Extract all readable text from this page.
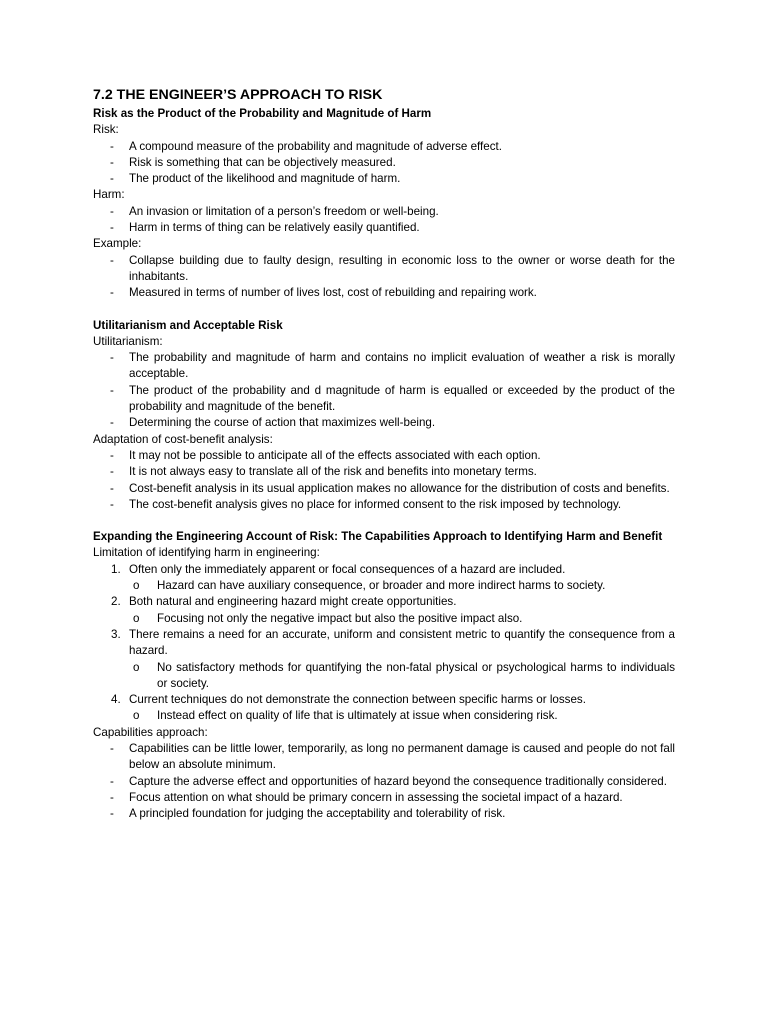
7.2 THE ENGINEER’S APPROACH TO RISK
Risk as the Product of the Probability and Magnitude of Harm
Risk:
- A compound measure of the probability and magnitude of adverse effect.
- Risk is something that can be objectively measured.
- The product of the likelihood and magnitude of harm.
Harm:
- An invasion or limitation of a person’s freedom or well-being.
- Harm in terms of thing can be relatively easily quantified.
Example:
- Collapse building due to faulty design, resulting in economic loss to the owner or worse death for the inhabitants.
- Measured in terms of number of lives lost, cost of rebuilding and repairing work.
Utilitarianism and Acceptable Risk
Utilitarianism:
- The probability and magnitude of harm and contains no implicit evaluation of weather a risk is morally acceptable.
- The product of the probability and d magnitude of harm is equalled or exceeded by the product of the probability and magnitude of the benefit.
- Determining the course of action that maximizes well-being.
Adaptation of cost-benefit analysis:
- It may not be possible to anticipate all of the effects associated with each option.
- It is not always easy to translate all of the risk and benefits into monetary terms.
- Cost-benefit analysis in its usual application makes no allowance for the distribution of costs and benefits.
- The cost-benefit analysis gives no place for informed consent to the risk imposed by technology.
Expanding the Engineering Account of Risk: The Capabilities Approach to Identifying Harm and Benefit
Limitation of identifying harm in engineering:
1. Often only the immediately apparent or focal consequences of a hazard are included.
o Hazard can have auxiliary consequence, or broader and more indirect harms to society.
2. Both natural and engineering hazard might create opportunities.
o Focusing not only the negative impact but also the positive impact also.
3. There remains a need for an accurate, uniform and consistent metric to quantify the consequence from a hazard.
o No satisfactory methods for quantifying the non-fatal physical or psychological harms to individuals or society.
4. Current techniques do not demonstrate the connection between specific harms or losses.
o Instead effect on quality of life that is ultimately at issue when considering risk.
Capabilities approach:
- Capabilities can be little lower, temporarily, as long no permanent damage is caused and people do not fall below an absolute minimum.
- Capture the adverse effect and opportunities of hazard beyond the consequence traditionally considered.
- Focus attention on what should be primary concern in assessing the societal impact of a hazard.
- A principled foundation for judging the acceptability and tolerability of risk.
